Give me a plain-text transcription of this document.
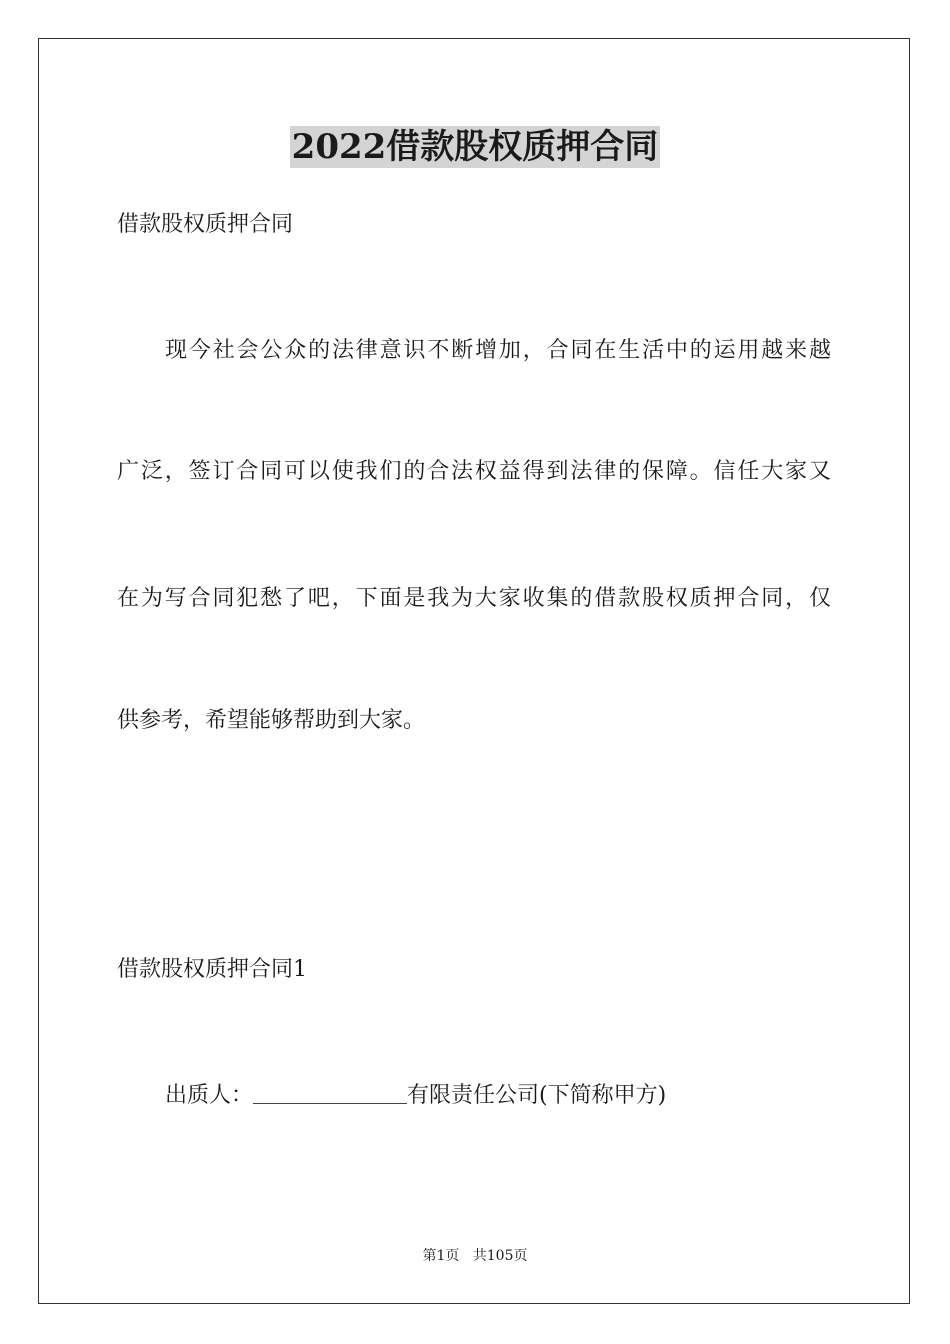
2022借款股权质押合同
借款股权质押合同
现今社会公众的法律意识不断增加，合同在生活中的运用越来越
广泛，签订合同可以使我们的合法权益得到法律的保障。信任大家又
在为写合同犯愁了吧，下面是我为大家收集的借款股权质押合同，仅
供参考，希望能够帮助到大家。
借款股权质押合同1
出质人：	有限责任公司(下简称甲方)
第1页   共105页
